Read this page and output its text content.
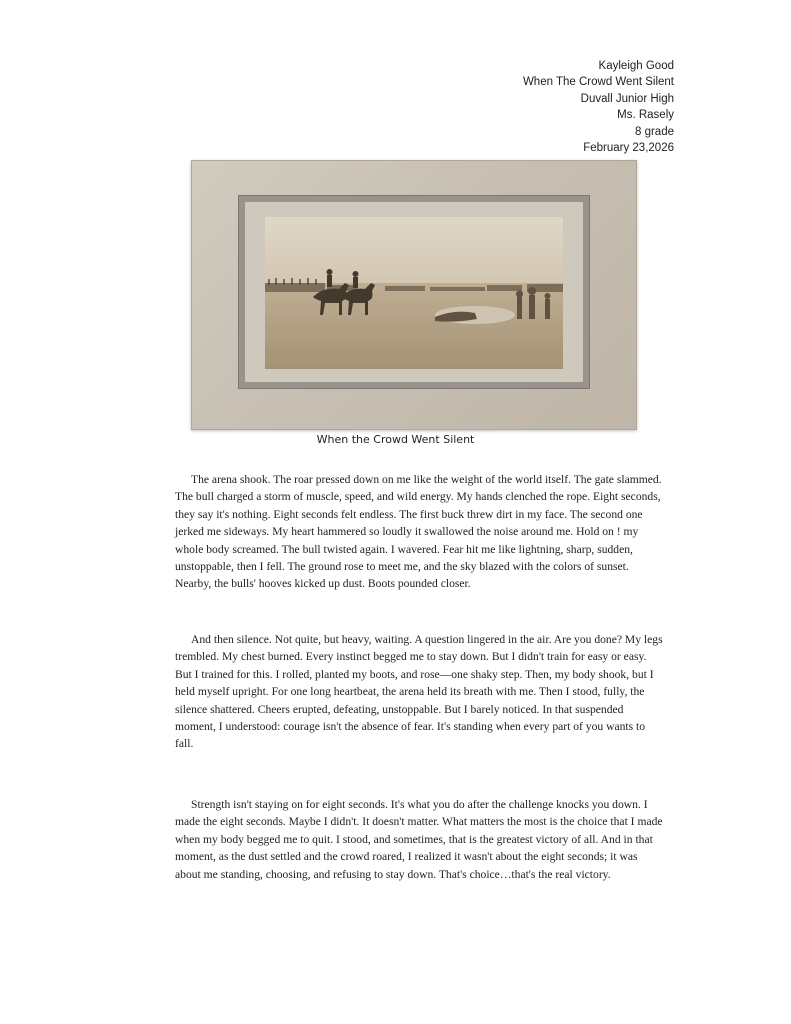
Kayleigh Good
When The Crowd Went Silent
Duvall Junior High
Ms. Rasely
8 grade
February 23,2026
When the Crowd Went Silent

The arena shook. The roar pressed down on me like the weight of the world itself. The gate slammed. The bull charged a storm of muscle, speed, and wild energy. My hands clenched the rope. Eight seconds, they say it's nothing. Eight seconds felt endless. The first buck threw dirt in my face. The second one jerked me sideways. My heart hammered so loudly it swallowed the noise around me. Hold on ! my whole body screamed. The bull twisted again. I wavered. Fear hit me like lightning, sharp, sudden, unstoppable, then I fell. The ground rose to meet me, and the sky blazed with the colors of sunset. Nearby, the bulls' hooves kicked up dust. Boots pounded closer.

And then silence. Not quite, but heavy, waiting. A question lingered in the air. Are you done? My legs trembled. My chest burned. Every instinct begged me to stay down. But I didn't train for easy or easy. But I trained for this. I rolled, planted my boots, and rose—one shaky step. Then, my body shook, but I held myself upright. For one long heartbeat, the arena held its breath with me. Then I stood, fully, the silence shattered. Cheers erupted, defeating, unstoppable. But I barely noticed. In that suspended moment, I understood: courage isn't the absence of fear. It's standing when every part of you wants to fall.

Strength isn't staying on for eight seconds. It's what you do after the challenge knocks you down. I made the eight seconds. Maybe I didn't. It doesn't matter. What matters the most is the choice that I made when my body begged me to quit. I stood, and sometimes, that is the greatest victory of all. And in that moment, as the dust settled and the crowd roared, I realized it wasn't about the eight seconds; it was about me standing, choosing, and refusing to stay down. That's choice…that's the real victory.
